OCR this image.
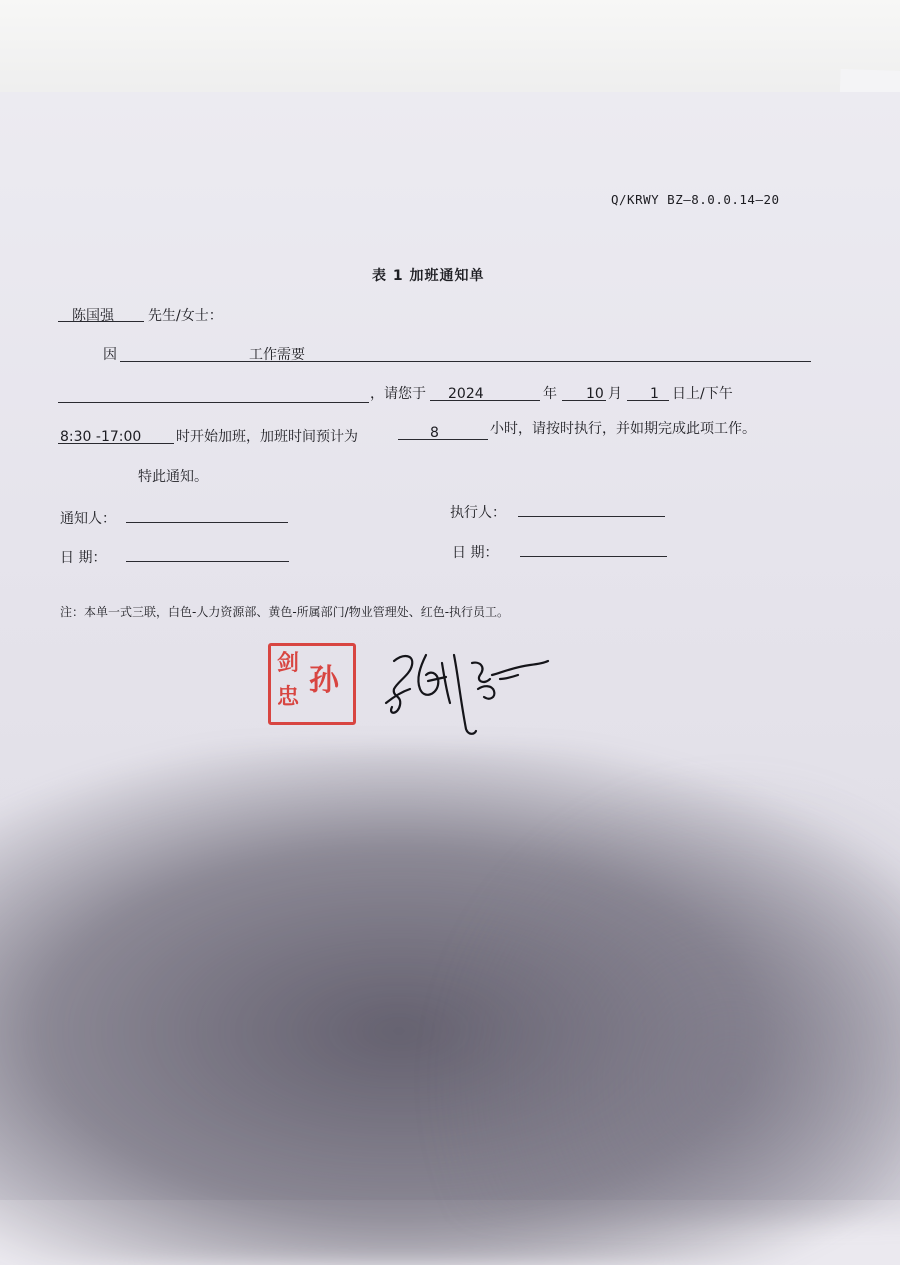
Q/KRWY BZ—8.0.0.14—20
表 1 加班通知单
陈国强 先生/女士：
因	工作需要
，请您于 2024	年 10 月 1 日上/下午
8:30 -17:00 时开始加班，加班时间预计为	8	小时，请按时执行，并如期完成此项工作。
特此通知。
通知人：	执行人：
日 期：	日 期：
注：本单一式三联，白色-人力资源部、黄色-所属部门/物业管理处、红色-执行员工。
剑 孙
忠
